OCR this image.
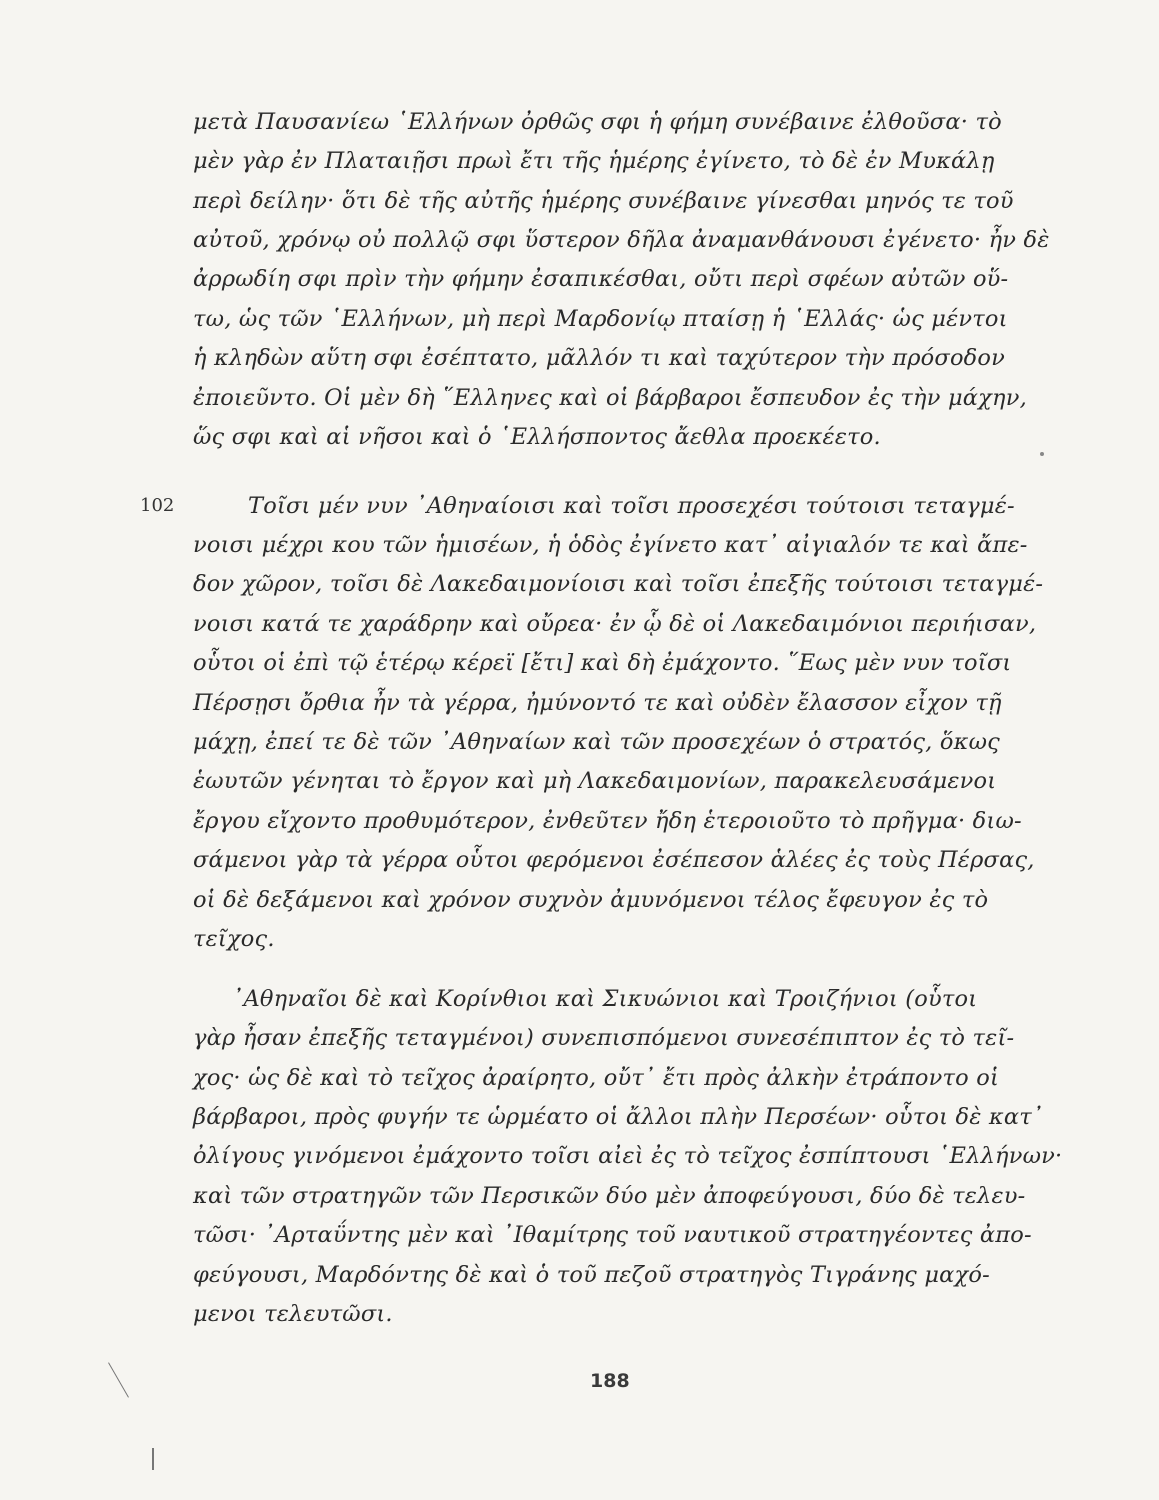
μετὰ Παυσανίεω ῾Ελλήνων ὀρθῶς σφι ἡ φήμη συνέβαινε ἐλθοῦσα· τὸ
μὲν γὰρ ἐν Πλαταιῇσι πρωὶ ἔτι τῆς ἡμέρης ἐγίνετο, τὸ δὲ ἐν Μυκάλῃ
περὶ δείλην· ὅτι δὲ τῆς αὐτῆς ἡμέρης συνέβαινε γίνεσθαι μηνός τε τοῦ
αὐτοῦ, χρόνῳ οὐ πολλῷ σφι ὕστερον δῆλα ἀναμανθάνουσι ἐγένετο· ἦν δὲ
ἀρρωδίη σφι πρὶν τὴν φήμην ἐσαπικέσθαι, οὔτι περὶ σφέων αὐτῶν οὕ-
τω, ὡς τῶν ῾Ελλήνων, μὴ περὶ Μαρδονίῳ πταίσῃ ἡ ῾Ελλάς· ὡς μέντοι
ἡ κληδὼν αὕτη σφι ἐσέπτατο, μᾶλλόν τι καὶ ταχύτερον τὴν πρόσοδον
ἐποιεῦντο. Οἱ μὲν δὴ ῞Ελληνες καὶ οἱ βάρβαροι ἔσπευδον ἐς τὴν μάχην,
ὥς σφι καὶ αἱ νῆσοι καὶ ὁ ῾Ελλήσποντος ἄεθλα προεκέετο.
102	Τοῖσι μέν νυν ᾿Αθηναίοισι καὶ τοῖσι προσεχέσι τούτοισι τεταγμέ-
νοισι μέχρι κου τῶν ἡμισέων, ἡ ὁδὸς ἐγίνετο κατ᾿ αἰγιαλόν τε καὶ ἄπε-
δον χῶρον, τοῖσι δὲ Λακεδαιμονίοισι καὶ τοῖσι ἐπεξῆς τούτοισι τεταγμέ-
νοισι κατά τε χαράδρην καὶ οὔρεα· ἐν ᾧ δὲ οἱ Λακεδαιμόνιοι περιήισαν,
οὗτοι οἱ ἐπὶ τῷ ἑτέρῳ κέρεϊ [ἔτι] καὶ δὴ ἐμάχοντο. ῞Εως μὲν νυν τοῖσι
Πέρσῃσι ὄρθια ἦν τὰ γέρρα, ἠμύνοντό τε καὶ οὐδὲν ἔλασσον εἶχον τῇ
μάχῃ, ἐπεί τε δὲ τῶν ᾿Αθηναίων καὶ τῶν προσεχέων ὁ στρατός, ὅκως
ἑωυτῶν γένηται τὸ ἔργον καὶ μὴ Λακεδαιμονίων, παρακελευσάμενοι
ἔργου εἴχοντο προθυμότερον, ἐνθεῦτεν ἤδη ἑτεροιοῦτο τὸ πρῆγμα· διω-
σάμενοι γὰρ τὰ γέρρα οὗτοι φερόμενοι ἐσέπεσον ἁλέες ἐς τοὺς Πέρσας,
οἱ δὲ δεξάμενοι καὶ χρόνον συχνὸν ἀμυνόμενοι τέλος ἔφευγον ἐς τὸ
τεῖχος.
᾿Αθηναῖοι δὲ καὶ Κορίνθιοι καὶ Σικυώνιοι καὶ Τροιζήνιοι (οὗτοι
γὰρ ἦσαν ἐπεξῆς τεταγμένοι) συνεπισπόμενοι συνεσέπιπτον ἐς τὸ τεῖ-
χος· ὡς δὲ καὶ τὸ τεῖχος ἀραίρητο, οὔτ᾿ ἔτι πρὸς ἀλκὴν ἐτράποντο οἱ
βάρβαροι, πρὸς φυγήν τε ὡρμέατο οἱ ἄλλοι πλὴν Περσέων· οὗτοι δὲ κατ᾿
ὀλίγους γινόμενοι ἐμάχοντο τοῖσι αἰεὶ ἐς τὸ τεῖχος ἐσπίπτουσι ῾Ελλήνων·
καὶ τῶν στρατηγῶν τῶν Περσικῶν δύο μὲν ἀποφεύγουσι, δύο δὲ τελευ-
τῶσι· ᾿Αρταΰντης μὲν καὶ ᾿Ιθαμίτρης τοῦ ναυτικοῦ στρατηγέοντες ἀπο-
φεύγουσι, Μαρδόντης δὲ καὶ ὁ τοῦ πεζοῦ στρατηγὸς Τιγράνης μαχό-
μενοι τελευτῶσι.
188
